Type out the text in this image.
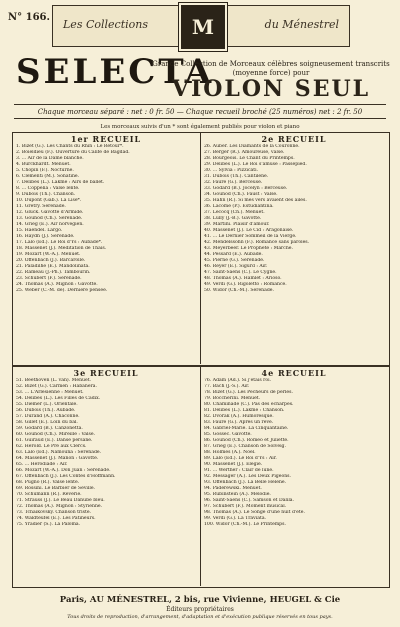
N° 166.
Les Collections	M	du Ménestrel
SELECTA
Grande Collection de Morceaux célèbres soigneusement transcrits (moyenne force) pour
VIOLON SEUL
Chaque morceau séparé : net : 0 fr. 50 — Chaque recueil broché (25 numéros) net : 2 fr. 50
Les morceaux suivis d'un * sont également publiés pour violon et piano
1er RECUEIL
1. Bizet (G.). Les Chants du Rhin : Le Retour*.
2. Boieldieu (F.). Ouverture du Calife de Bagdad.
3. ... Air de la Dame blanche.
4. Burckhardt. Menuet.
5. Chopin (F.). Nocturne.
6. Clementi (M.). Sonatine.
7. Delibes (L.). Lakmé : Airs de ballet.
8. ... Coppélia : Valse lente.
9. Dubois (Th.). Chanson.
10. Dupont (Gab.). La Lise*.
11. Grétry. Sérénade.
12. Gluck. Gavotte d'Armide.
13. Gounod (Ch.). Sérénade.
14. Grieg (E.). Air norvégien.
15. Haendel. Largo.
16. Haydn (J.). Sérénade.
17. Lalo (Éd.). Le Roi d'Ys : Aubade*.
18. Massenet (J.). Méditation de Thaïs.
19. Mozart (W.-A.). Menuet.
20. Offenbach (J.). Barcarolle.
21. Paladilhe (É.). Mandolinata.
22. Rameau (J.-Ph.). Tambourin.
23. Schubert (F.). Sérénade.
24. Thomas (A.). Mignon : Gavotte.
25. Weber (C.-M. de). Dernière pensée.
2e RECUEIL
26. Auber. Les Diamants de la Couronne.
27. Berger (R.). Amoureuse, valse.
28. Bourgeois. Le Chant du Printemps.
29. Delibes (L.). Le Roi s'amuse : Passepied.
30. ... Sylvia : Pizzicati.
31. Dubois (Th.). Cantilène.
32. Fauré (G.). Berceuse.
33. Godard (B.). Jocelyn : Berceuse.
34. Gounod (Ch.). Faust : Valse.
35. Hahn (R.). Si mes vers avaient des ailes.
36. Lacome (P.). Estudiantina.
37. Lecocq (Ch.). Menuet.
38. Lully (J.-B.). Gavotte.
39. Martini. Plaisir d'amour.
40. Massenet (J.). Le Cid : Aragonaise.
41. ... Le Dernier Sommeil de la Vierge.
42. Mendelssohn (F.). Romance sans paroles.
43. Meyerbeer. Le Prophète : Marche.
44. Pessard (É.). Aubade.
45. Pierné (G.). Sérénade.
46. Reyer (E.). Sigurd : Air.
47. Saint-Saëns (C.). Le Cygne.
48. Thomas (A.). Hamlet : Arioso.
49. Verdi (G.). Rigoletto : Romance.
50. Widor (Ch.-M.). Sérénade.
3e RECUEIL
51. Beethoven (L. van). Menuet.
52. Bizet (G.). Carmen : Habanera.
53. ... L'Arlésienne : Menuet.
54. Delibes (L.). Les Filles de Cadix.
55. Diémer (L.). Orientale.
56. Dubois (Th.). Aubade.
57. Durand (A.). Chaconne.
58. Gillet (E.). Loin du bal.
59. Godard (B.). Canzonetta.
60. Gounod (Ch.). Mireille : Valse.
61. Guiraud (E.). Danse persane.
62. Hérold. Le Pré aux Clercs.
63. Lalo (Éd.). Namouna : Sérénade.
64. Massenet (J.). Manon : Gavotte.
65. ... Hérodiade : Air.
66. Mozart (W.-A.). Don Juan : Sérénade.
67. Offenbach (J.). Les Contes d'Hoffmann.
68. Pugno (R.). Valse lente.
69. Rossini. Le Barbier de Séville.
70. Schumann (R.). Rêverie.
71. Strauss (J.). Le Beau Danube bleu.
72. Thomas (A.). Mignon : Styrienne.
73. Tchaïkovsky. Chanson triste.
74. Waldteufel (É.). Les Patineurs.
75. Yradier (S.). La Paloma.
4e RECUEIL
76. Adam (Ad.). Si j'étais roi.
77. Bach (J.-S.). Air.
78. Bizet (G.). Les Pêcheurs de perles.
79. Boccherini. Menuet.
80. Chaminade (C.). Pas des écharpes.
81. Delibes (L.). Lakmé : Chanson.
82. Dvořák (A.). Humoresque.
83. Fauré (G.). Après un rêve.
84. Gabriel-Marie. La Cinquantaine.
85. Gossec. Gavotte.
86. Gounod (Ch.). Roméo et Juliette.
87. Grieg (E.). Chanson de Solveig.
88. Holmès (A.). Noël.
89. Lalo (Éd.). Le Roi d'Ys : Air.
90. Massenet (J.). Élégie.
91. ... Werther : Clair de lune.
92. Messager (A.). Les Deux Pigeons.
93. Offenbach (J.). La Belle Hélène.
94. Paderewski. Menuet.
95. Rubinstein (A.). Mélodie.
96. Saint-Saëns (C.). Samson et Dalila.
97. Schubert (F.). Moment musical.
98. Thomas (A.). Le Songe d'une nuit d'été.
99. Verdi (G.). La Traviata.
100. Widor (Ch.-M.). Le Printemps.
Paris, AU MÉNESTREL, 2 bis, rue Vivienne, HEUGEL & Cie
Éditeurs propriétaires
Tous droits de reproduction, d'arrangement, d'adaptation et d'exécution publique réservés en tous pays.
